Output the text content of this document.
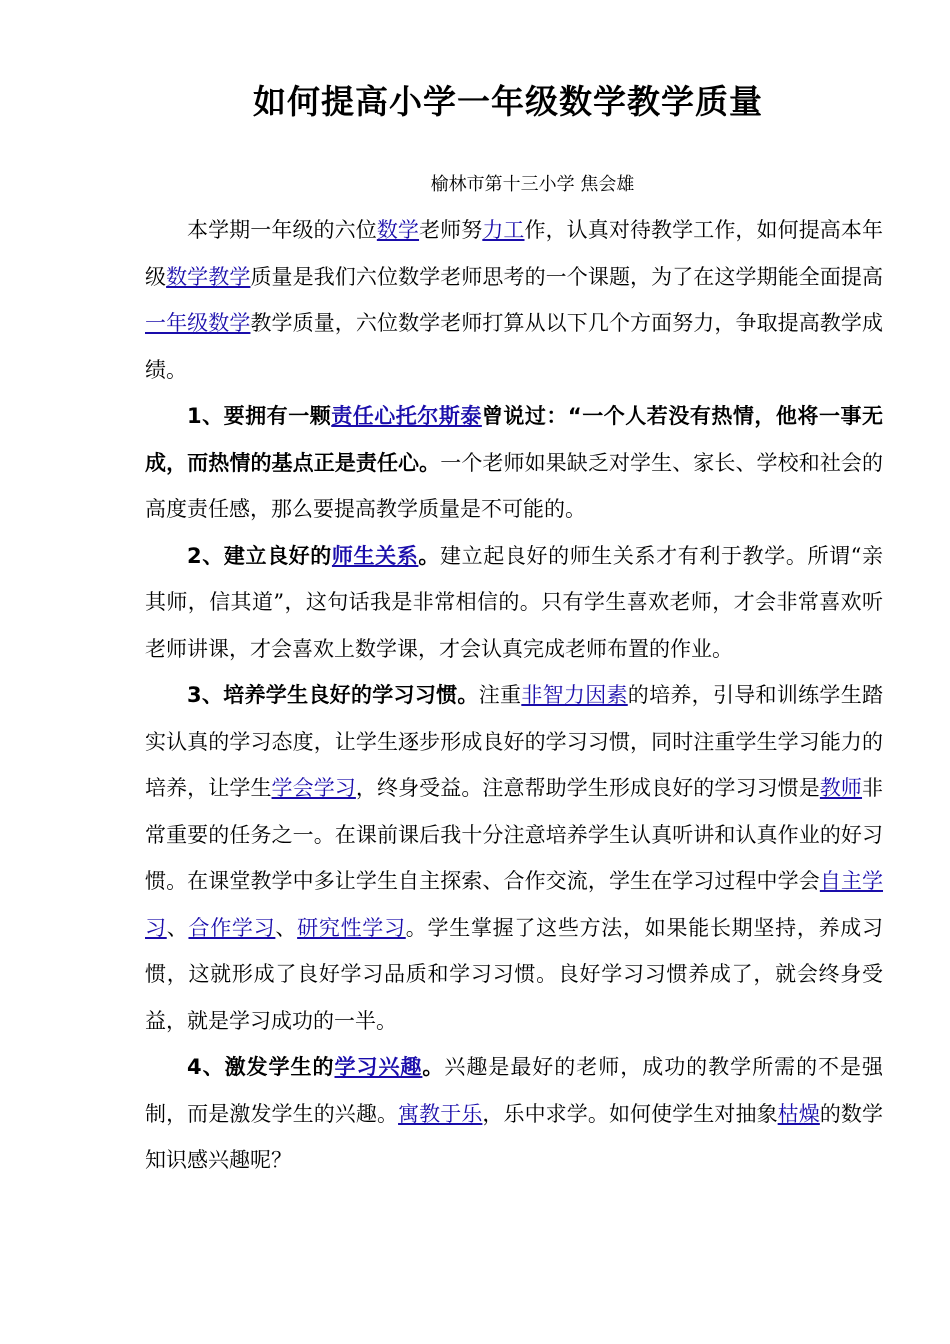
如何提高小学一年级数学教学质量
榆林市第十三小学 焦会雄

本学期一年级的六位数学老师努力工作，认真对待教学工作，如何提高本年级数学教学质量是我们六位数学老师思考的一个课题，为了在这学期能全面提高一年级数学教学质量，六位数学老师打算从以下几个方面努力，争取提高教学成绩。

1、要拥有一颗责任心托尔斯泰曾说过：“一个人若没有热情，他将一事无成，而热情的基点正是责任心。一个老师如果缺乏对学生、家长、学校和社会的高度责任感，那么要提高教学质量是不可能的。

2、建立良好的师生关系。建立起良好的师生关系才有利于教学。所谓“亲其师，信其道”，这句话我是非常相信的。只有学生喜欢老师，才会非常喜欢听老师讲课，才会喜欢上数学课，才会认真完成老师布置的作业。

3、培养学生良好的学习习惯。注重非智力因素的培养，引导和训练学生踏实认真的学习态度，让学生逐步形成良好的学习习惯，同时注重学生学习能力的培养，让学生学会学习，终身受益。注意帮助学生形成良好的学习习惯是教师非常重要的任务之一。在课前课后我十分注意培养学生认真听讲和认真作业的好习惯。在课堂教学中多让学生自主探索、合作交流，学生在学习过程中学会自主学习、合作学习、研究性学习。学生掌握了这些方法，如果能长期坚持，养成习惯，这就形成了良好学习品质和学习习惯。良好学习习惯养成了，就会终身受益，就是学习成功的一半。

4、激发学生的学习兴趣。兴趣是最好的老师，成功的教学所需的不是强制，而是激发学生的兴趣。寓教于乐，乐中求学。如何使学生对抽象枯燥的数学知识感兴趣呢？
